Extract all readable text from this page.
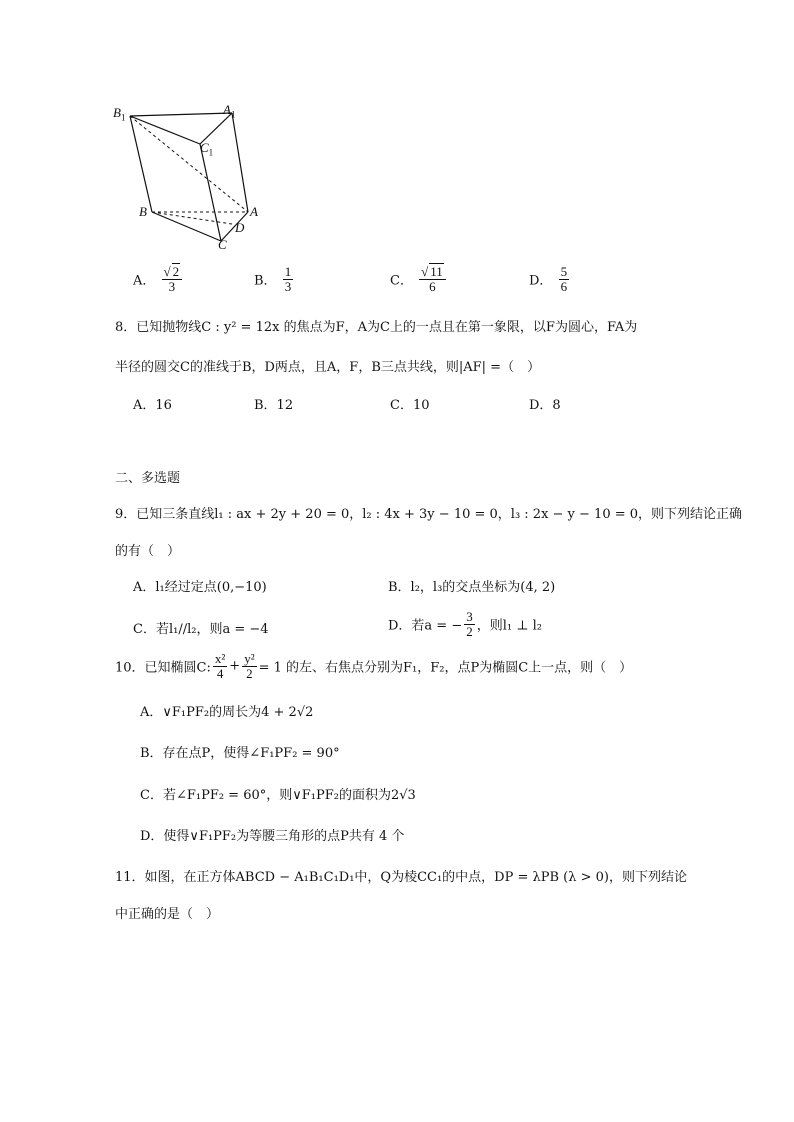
$B_1$
$A_1$
$C_1$
B	A
D
C
A． $\frac{√ 2}{3}$	B． $\frac{1}{3}$	C． $\frac{√ 11}{6}$	D． $\frac{5}{6}$
8．已知抛物线C : y² = 12x 的焦点为F，A为C上的一点且在第一象限，以F为圆心，FA为
半径的圆交C的准线于B，D两点，且A，F，B三点共线，则|AF| =（　）
A．16	B．12	C．10	D．8
二、多选题
9．已知三条直线l₁ : ax + 2y + 20 = 0，l₂ : 4x + 3y − 10 = 0，l₃ : 2x − y − 10 = 0，则下列结论正确
的有（　）
A．l₁经过定点(0,−10)	B．l₂，l₃的交点坐标为(4, 2)
C．若l₁//l₂，则a = −4	D．若a = − $\frac{3}{2}$ ，则l₁ ⊥ l₂
10．已知椭圆C: $\frac{\text{x²}}{4} + \frac{\text{y²}}{2} = 1$ 的左、右焦点分别为F₁，F₂，点P为椭圆C上一点，则（　）
A．∨F₁PF₂的周长为4 + 2√2
B．存在点P，使得∠F₁PF₂ = 90°
C．若∠F₁PF₂ = 60°，则∨F₁PF₂的面积为2√3
D．使得∨F₁PF₂为等腰三角形的点P共有 4 个
11．如图，在正方体ABCD − A₁B₁C₁D₁中，Q为棱CC₁的中点，DP = λPB (λ > 0)，则下列结论
中正确的是（　）
